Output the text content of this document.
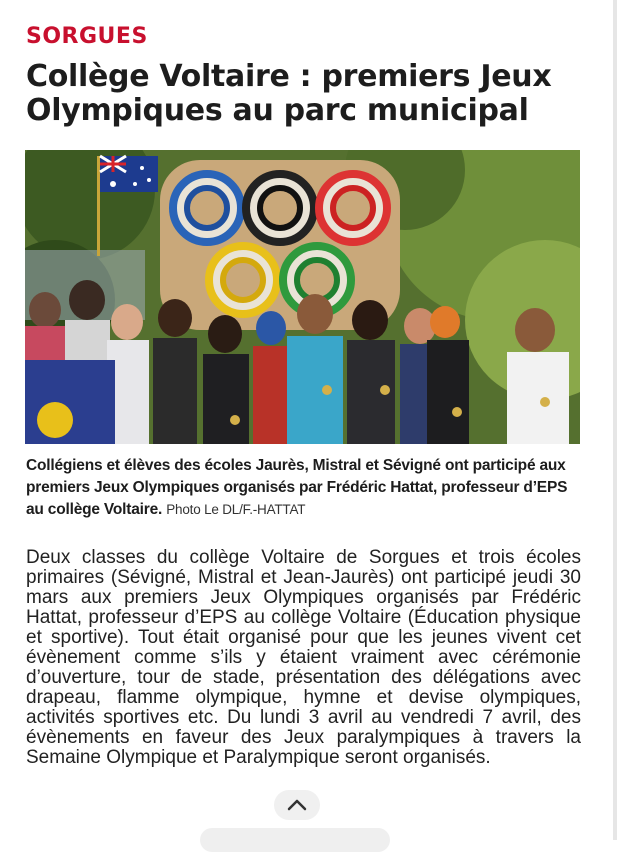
SORGUES
Collège Voltaire : premiers Jeux Olympiques au parc municipal
Collégiens et élèves des écoles Jaurès, Mistral et Sévigné ont participé aux premiers Jeux Olympiques organisés par Frédéric Hattat, professeur d’EPS au collège Voltaire. Photo Le DL/F.-HATTAT
Deux classes du collège Voltaire de Sorgues et trois écoles primaires (Sévigné, Mistral et Jean-Jaurès) ont participé jeudi 30 mars aux premiers Jeux Olympiques organisés par Frédéric Hattat, professeur d’EPS au collège Voltaire (Éducation physique et sportive). Tout était organisé pour que les jeunes vivent cet évènement comme s’ils y étaient vraiment avec cérémonie d’ouverture, tour de stade, présentation des délégations avec drapeau, flamme olympique, hymne et devise olympiques, activités sportives etc. Du lundi 3 avril au vendredi 7 avril, des évènements en faveur des Jeux paralympiques à travers la Semaine Olympique et Paralympique seront organisés.
